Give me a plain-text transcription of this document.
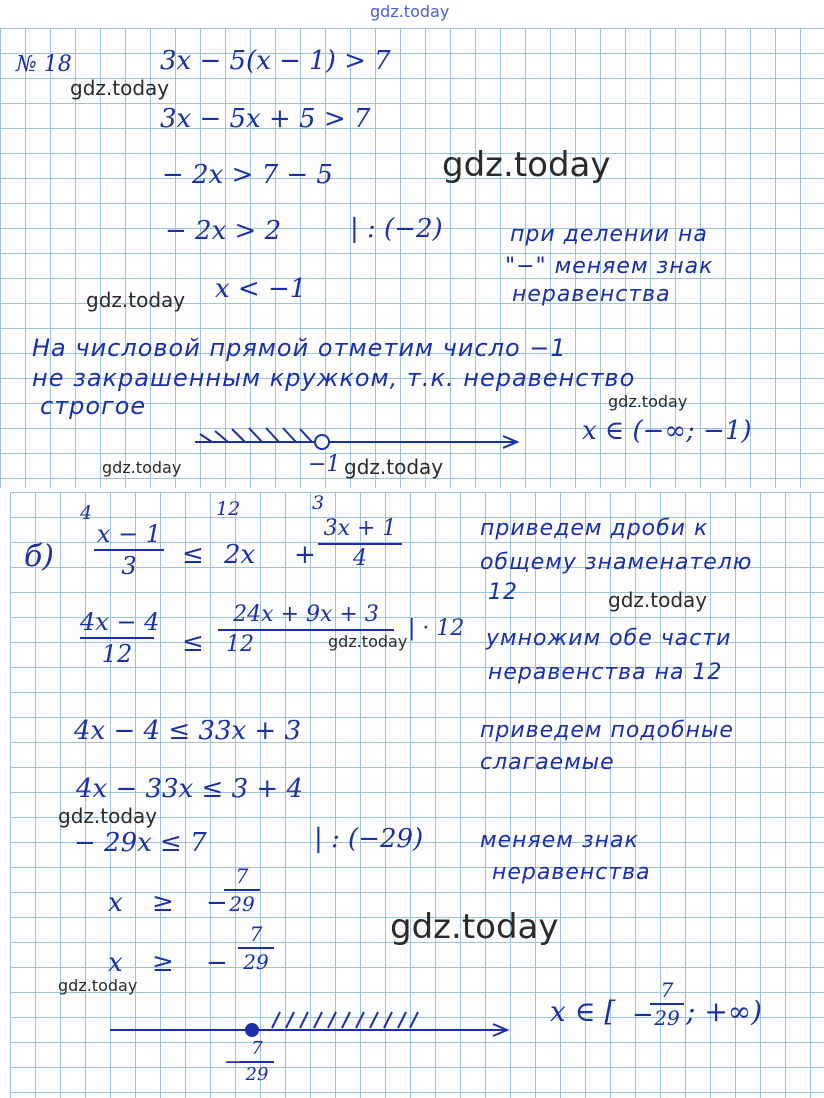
gdz.today
№ 18	3x − 5(x − 1) > 7
3x − 5x + 5 > 7
− 2x > 7 − 5
− 2x > 2	| : (−2)
x < −1
при делении на
"−" меняем знак
неравенства
На числовой прямой отметим число −1
не закрашенным кружком, т.к. неравенство
строгое
−1
x ∈ (−∞; −1)
б)
4
x − 1
3	≤
12
2x +
3
3x + 1
4
приведем дроби к
общему знаменателю
12
4x − 4
12	≤
24x + 9x + 3
12
| · 12 умножим обе части
неравенства на 12
4x − 4 ≤ 33x + 3	приведем подобные
слагаемые
4x − 33x ≤ 3 + 4
− 29x ≤ 7	| : (−29)	меняем знак
неравенства
x ≥ −
7
29
x ≥ −
7
29
−
7
29
x ∈ [ −
7
29 ; +∞)
gdz.today
gdz.today
gdz.today
gdz.today
gdz.today	gdz.today
gdz.today
gdz.today
gdz.today
gdz.today
gdz.today
